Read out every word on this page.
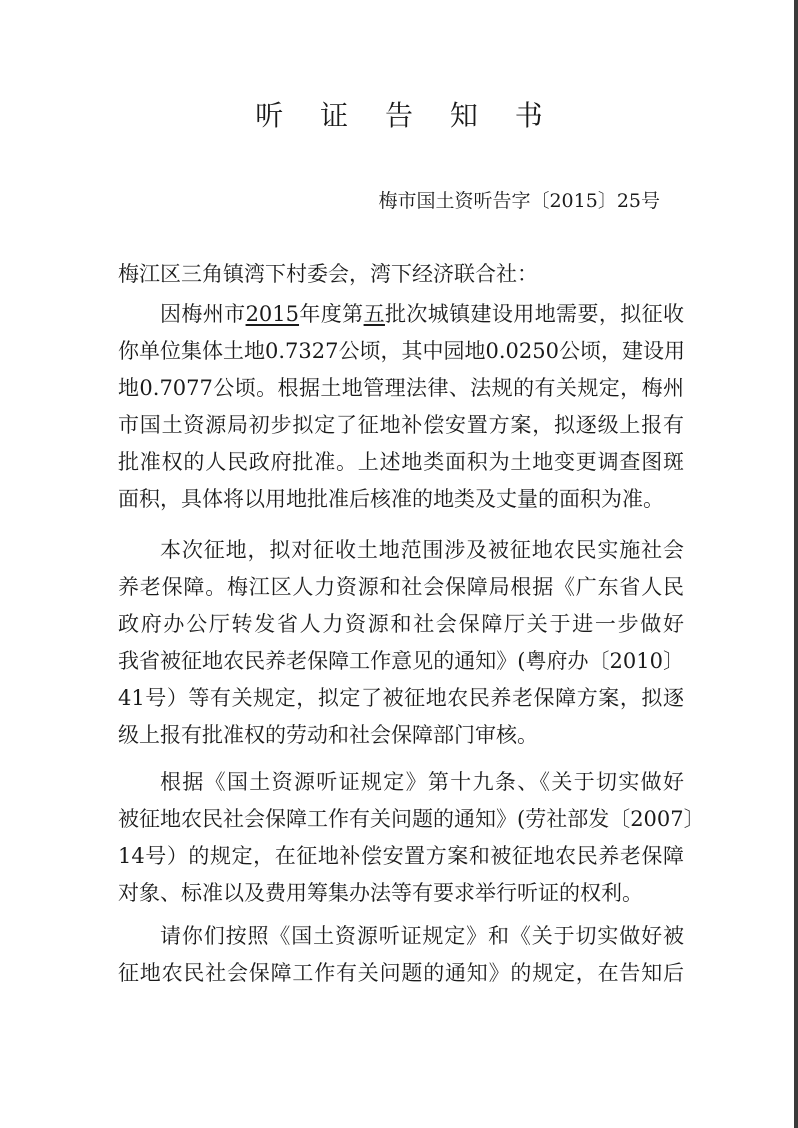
听 证 告 知 书
梅市国土资听告字〔2015〕25号
梅江区三角镇湾下村委会，湾下经济联合社：
因梅州市2015年度第五批次城镇建设用地需要，拟征收
你单位集体土地0.7327公顷，其中园地0.0250公顷，建设用
地0.7077公顷。根据土地管理法律、法规的有关规定，梅州
市国土资源局初步拟定了征地补偿安置方案，拟逐级上报有
批准权的人民政府批准。上述地类面积为土地变更调查图斑
面积，具体将以用地批准后核准的地类及丈量的面积为准。
本次征地，拟对征收土地范围涉及被征地农民实施社会
养老保障。梅江区人力资源和社会保障局根据《广东省人民
政府办公厅转发省人力资源和社会保障厅关于进一步做好
我省被征地农民养老保障工作意见的通知》(粤府办〔2010〕
41号）等有关规定，拟定了被征地农民养老保障方案，拟逐
级上报有批准权的劳动和社会保障部门审核。
根据《国土资源听证规定》第十九条、《关于切实做好
被征地农民社会保障工作有关问题的通知》(劳社部发〔2007〕
14号）的规定，在征地补偿安置方案和被征地农民养老保障
对象、标准以及费用筹集办法等有要求举行听证的权利。
请你们按照《国土资源听证规定》和《关于切实做好被
征地农民社会保障工作有关问题的通知》的规定，在告知后
